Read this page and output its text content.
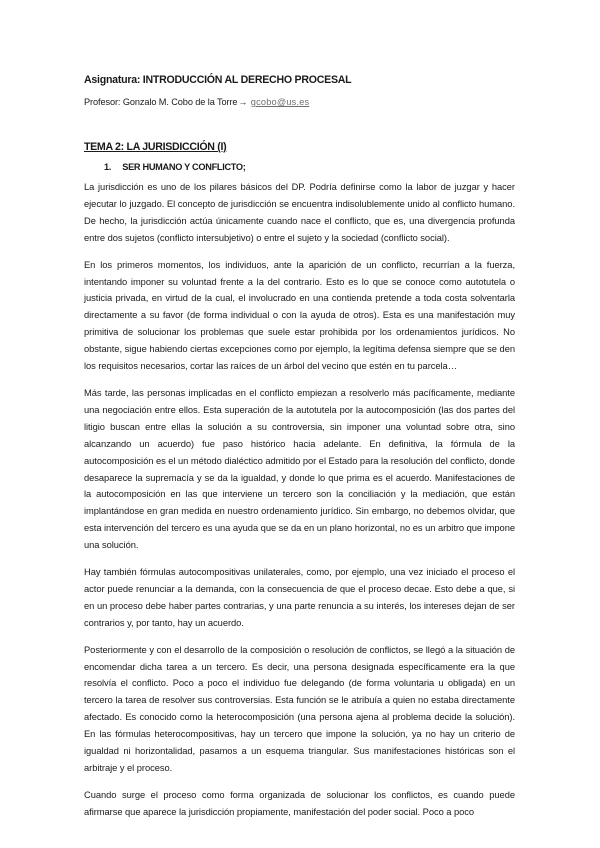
Asignatura: INTRODUCCIÓN AL DERECHO PROCESAL
Profesor: Gonzalo M. Cobo de la Torre→ gcobo@us.es
TEMA 2: LA JURISDICCIÓN (I)
1. SER HUMANO Y CONFLICTO;

La jurisdicción es uno de los pilares básicos del DP. Podría definirse como la labor de juzgar y hacer ejecutar lo juzgado. El concepto de jurisdicción se encuentra indisolublemente unido al conflicto humano. De hecho, la jurisdicción actúa únicamente cuando nace el conflicto, que es, una divergencia profunda entre dos sujetos (conflicto intersubjetivo) o entre el sujeto y la sociedad (conflicto social).

En los primeros momentos, los individuos, ante la aparición de un conflicto, recurrían a la fuerza, intentando imponer su voluntad frente a la del contrario. Esto es lo que se conoce como autotutela o justicia privada, en virtud de la cual, el involucrado en una contienda pretende a toda costa solventarla directamente a su favor (de forma individual o con la ayuda de otros). Esta es una manifestación muy primitiva de solucionar los problemas que suele estar prohibida por los ordenamientos jurídicos. No obstante, sigue habiendo ciertas excepciones como por ejemplo, la legítima defensa siempre que se den los requisitos necesarios, cortar las raíces de un árbol del vecino que estén en tu parcela…

Más tarde, las personas implicadas en el conflicto empiezan a resolverlo más pacíficamente, mediante una negociación entre ellos. Esta superación de la autotutela por la autocomposición (las dos partes del litigio buscan entre ellas la solución a su controversia, sin imponer una voluntad sobre otra, sino alcanzando un acuerdo) fue paso histórico hacia adelante. En definitiva, la fórmula de la autocomposición es el un método dialéctico admitido por el Estado para la resolución del conflicto, donde desaparece la supremacía y se da la igualdad, y donde lo que prima es el acuerdo. Manifestaciones de la autocomposición en las que interviene un tercero son la conciliación y la mediación, que están implantándose en gran medida en nuestro ordenamiento jurídico. Sin embargo, no debemos olvidar, que esta intervención del tercero es una ayuda que se da en un plano horizontal, no es un arbitro que impone una solución.

Hay también fórmulas autocompositivas unilaterales, como, por ejemplo, una vez iniciado el proceso el actor puede renunciar a la demanda, con la consecuencia de que el proceso decae. Esto debe a que, si en un proceso debe haber partes contrarias, y una parte renuncia a su interés, los intereses dejan de ser contrarios y, por tanto, hay un acuerdo.

Posteriormente y con el desarrollo de la composición o resolución de conflictos, se llegó a la situación de encomendar dicha tarea a un tercero. Es decir, una persona designada específicamente era la que resolvía el conflicto. Poco a poco el individuo fue delegando (de forma voluntaria u obligada) en un tercero la tarea de resolver sus controversias. Esta función se le atribuía a quien no estaba directamente afectado. Es conocido como la heterocomposición (una persona ajena al problema decide la solución). En las fórmulas heterocompositivas, hay un tercero que impone la solución, ya no hay un criterio de igualdad ni horizontalidad, pasamos a un esquema triangular. Sus manifestaciones históricas son el arbitraje y el proceso.

Cuando surge el proceso como forma organizada de solucionar los conflictos, es cuando puede afirmarse que aparece la jurisdicción propiamente, manifestación del poder social. Poco a poco
